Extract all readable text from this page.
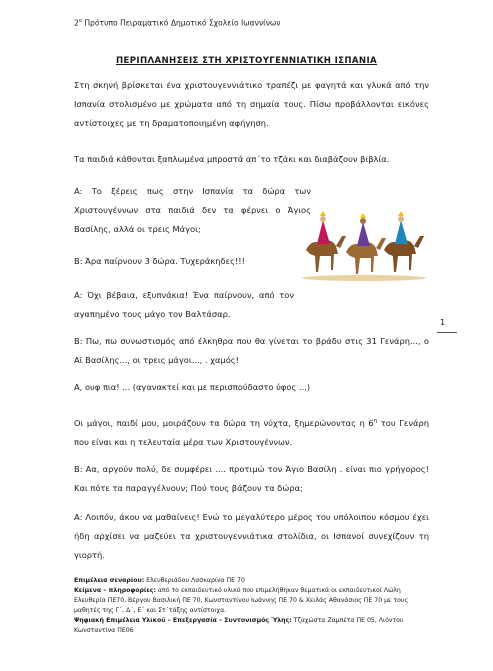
$2^o$ Πρότυπο Πειραματικό Δημοτικό Σχολείο Ιωαννίνων
ΠΕΡΙΠΛΑΝΗΣΕΙΣ ΣΤΗ ΧΡΙΣΤΟΥΓΕΝΝΙΑΤΙΚΗ ΙΣΠΑΝΙΑ
Στη σκηνή βρίσκεται ένα χριστουγεννιάτικο τραπέζι με φαγητά και γλυκά από την Ισπανία στολισμένο με χρώματα από τη σημαία τους. Πίσω προβάλλονται εικόνες αντίστοιχες με τη δραματοποιημένη αφήγηση.
Τα παιδιά κάθονται ξαπλωμένα μπροστά απ΄το τζάκι και διαβάζουν βιβλία.
Α: Το ξέρεις πως στην Ισπανία τα δώρα των Χριστουγέννων στα παιδιά δεν τα φέρνει ο Άγιος Βασίλης, αλλά οι τρεις Μάγοι;
Β: Άρα παίρνουν 3 δώρα. Τυχεράκηδες!!!
Α: Όχι βέβαια, εξυπνάκια! Ένα παίρνουν, από τον αγαπημένο τους μάγο τον Βαλτάσαρ.
1
Β: Πω, πω συνωστισμός από έλκηθρα που θα γίνεται το βράδυ στις 31 Γενάρη..., ο Αϊ Βασίλης..., οι τρεις μάγοι..., . χαμός!
Α, ουφ πια! ... (αγανακτεί και με περισπούδαστο ύφος ...)
Οι μάγοι, παιδί μου, μοιράζουν τα δώρα τη νύχτα, ξημερώνοντας η $6^\eta$ του Γενάρη που είναι και η τελευταία μέρα των Χριστουγέννων.
Β: Αα, αργούν πολύ, δε συμφέρει .... προτιμώ τον Άγιο Βασίλη . είναι πιο γρήγορος! Και πότε τα παραγγέλνουν; Πού τους βάζουν τα δώρα;
Α: Λοιπόν, άκου να μαθαίνεις! Ενώ το μεγαλύτερο μέρος του υπόλοιπου κόσμου έχει ήδη αρχίσει να μαζεύει τα χριστουγεννιάτικα στολίδια, οι Ισπανοί συνεχίζουν τη γιορτή.
Επιμέλεια σεναρίου: Ελευθεριάδου Λασκαρίνα ΠΕ 70
Κείμενα – πληροφορίες: από το εκπαιδευτικό υλικό που επιμελήθηκαν θεματικά οι εκπαιδευτικοί Λώλη Ελευθερία ΠΕ70, Βέργου Βασιλική ΠΕ 70, Κωνσταντίνου Ιωάννης ΠΕ 70 & Χειλάς Αθανάσιος ΠΕ 70 με τους μαθητές της Γ΄, Δ΄, Ε΄ και Στ΄τάξης αντίστοιχα.
Ψηφιακή Επιμέλεια Υλικού – Επεξεργασία – Συντονισμός Ύλης: Τζαχώστα Ζαμπέτα ΠΕ 05, Λιόντου Κωνσταντίνα ΠΕ06
